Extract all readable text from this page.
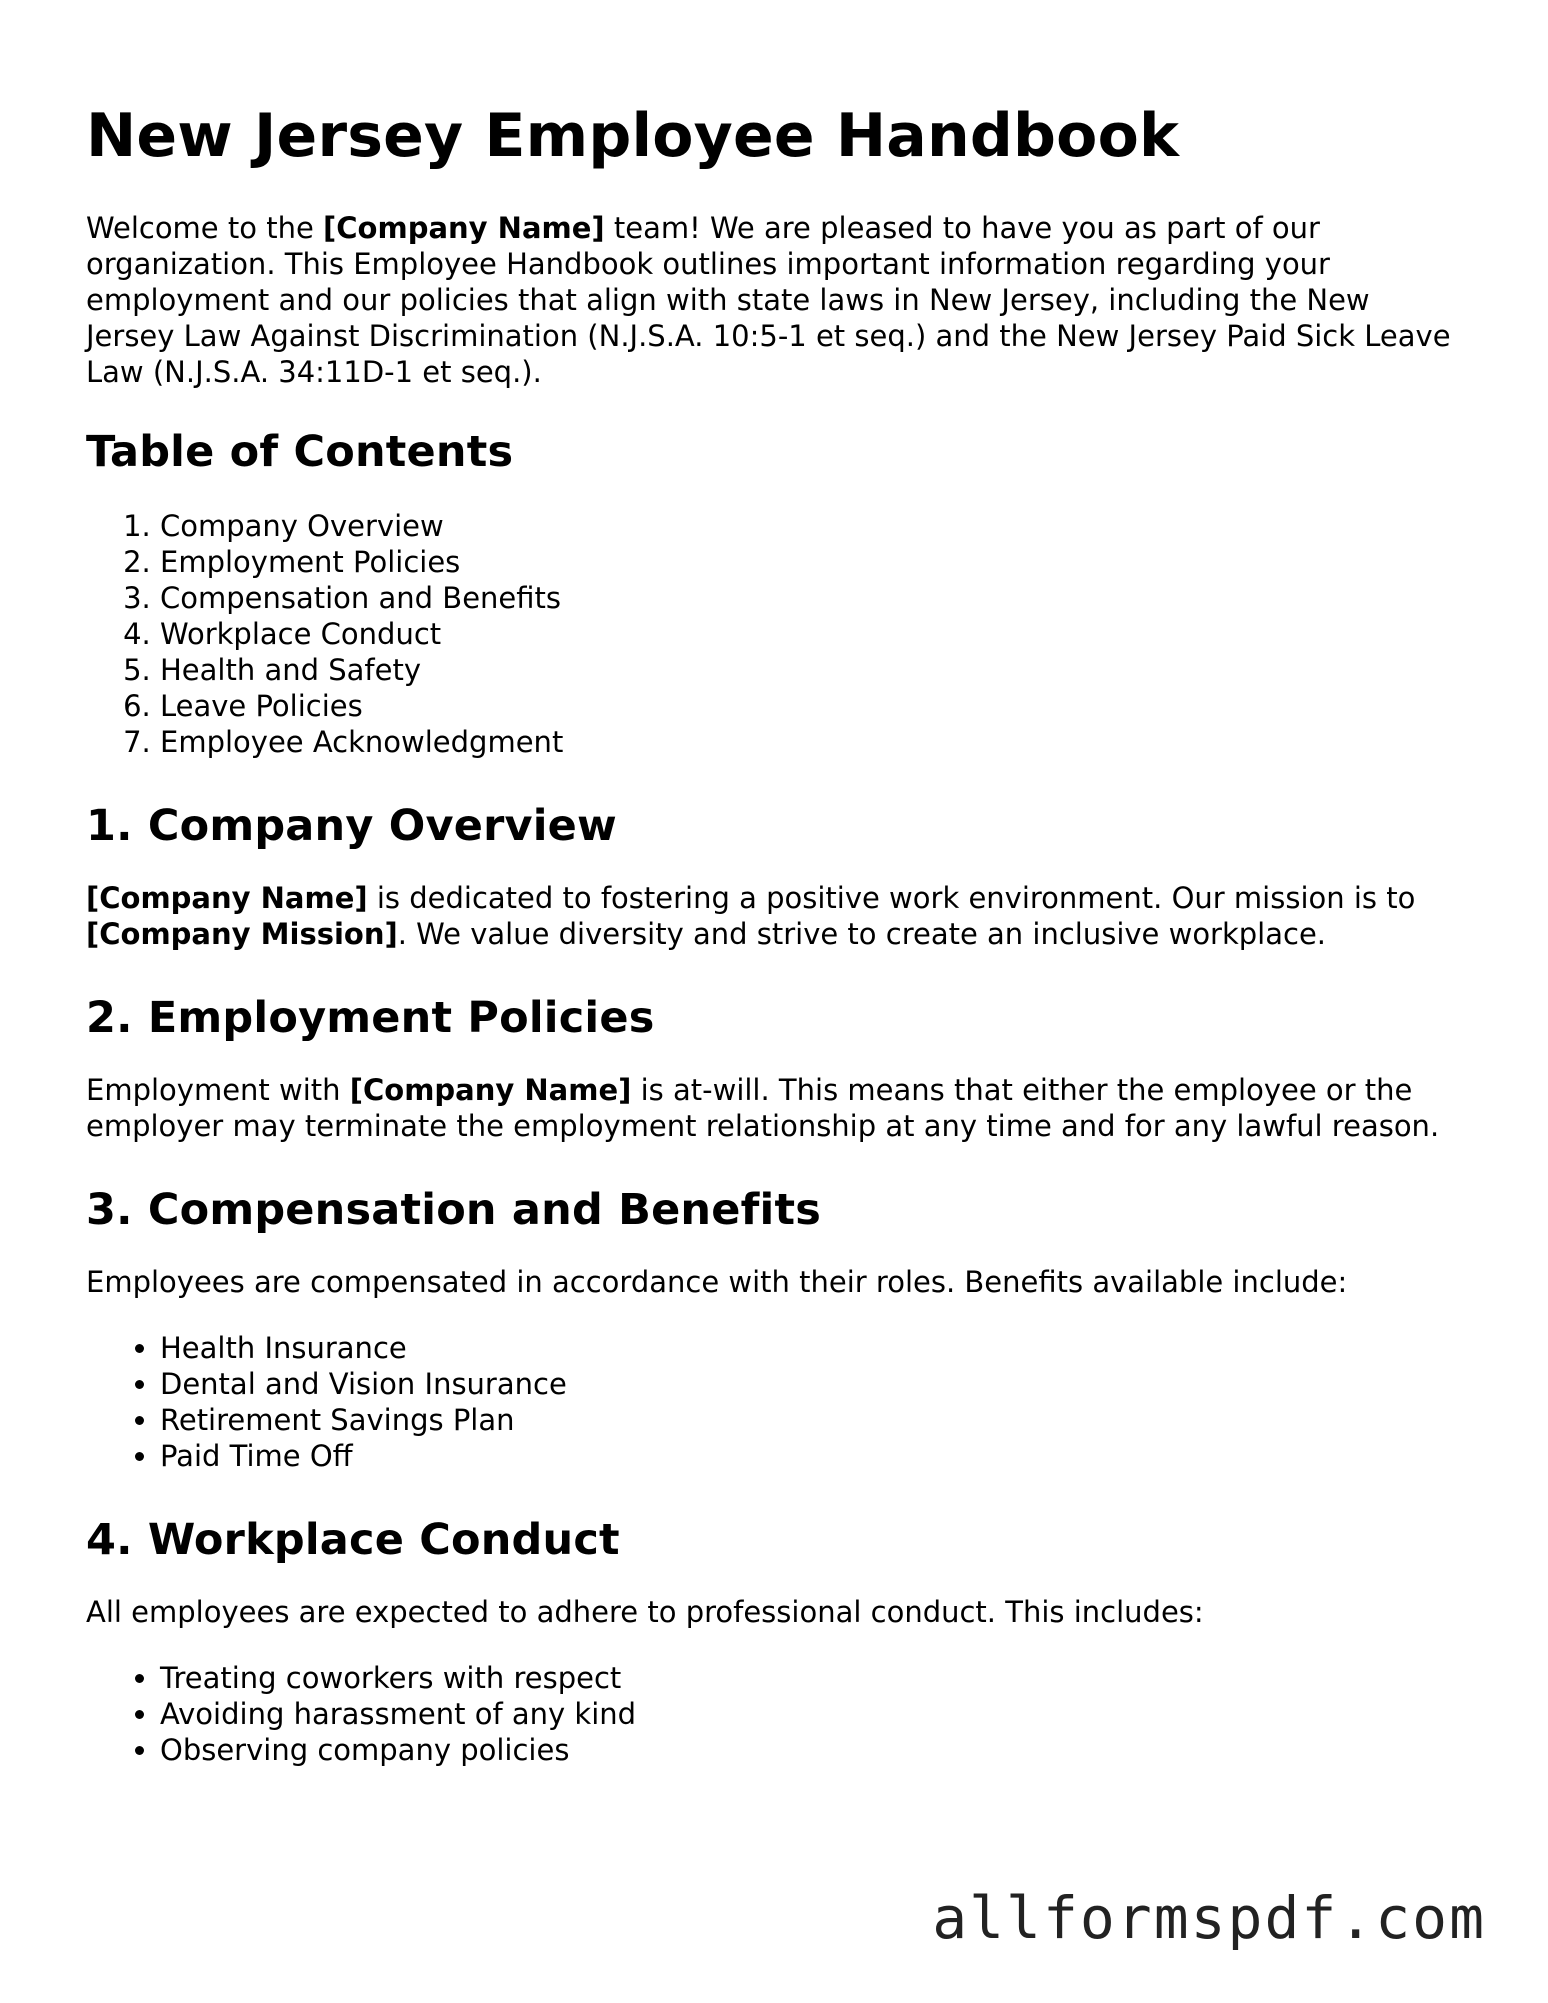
New Jersey Employee Handbook

Welcome to the [Company Name] team! We are pleased to have you as part of our organization. This Employee Handbook outlines important information regarding your employment and our policies that align with state laws in New Jersey, including the New Jersey Law Against Discrimination (N.J.S.A. 10:5-1 et seq.) and the New Jersey Paid Sick Leave Law (N.J.S.A. 34:11D-1 et seq.).

Table of Contents
1. Company Overview
2. Employment Policies
3. Compensation and Benefits
4. Workplace Conduct
5. Health and Safety
6. Leave Policies
7. Employee Acknowledgment
1. Company Overview

[Company Name] is dedicated to fostering a positive work environment. Our mission is to [Company Mission]. We value diversity and strive to create an inclusive workplace.

2. Employment Policies

Employment with [Company Name] is at-will. This means that either the employee or the employer may terminate the employment relationship at any time and for any lawful reason.

3. Compensation and Benefits

Employees are compensated in accordance with their roles. Benefits available include:

• Health Insurance
• Dental and Vision Insurance
• Retirement Savings Plan
• Paid Time Off
4. Workplace Conduct

All employees are expected to adhere to professional conduct. This includes:

• Treating coworkers with respect
• Avoiding harassment of any kind
• Observing company policies
allformspdf.com
